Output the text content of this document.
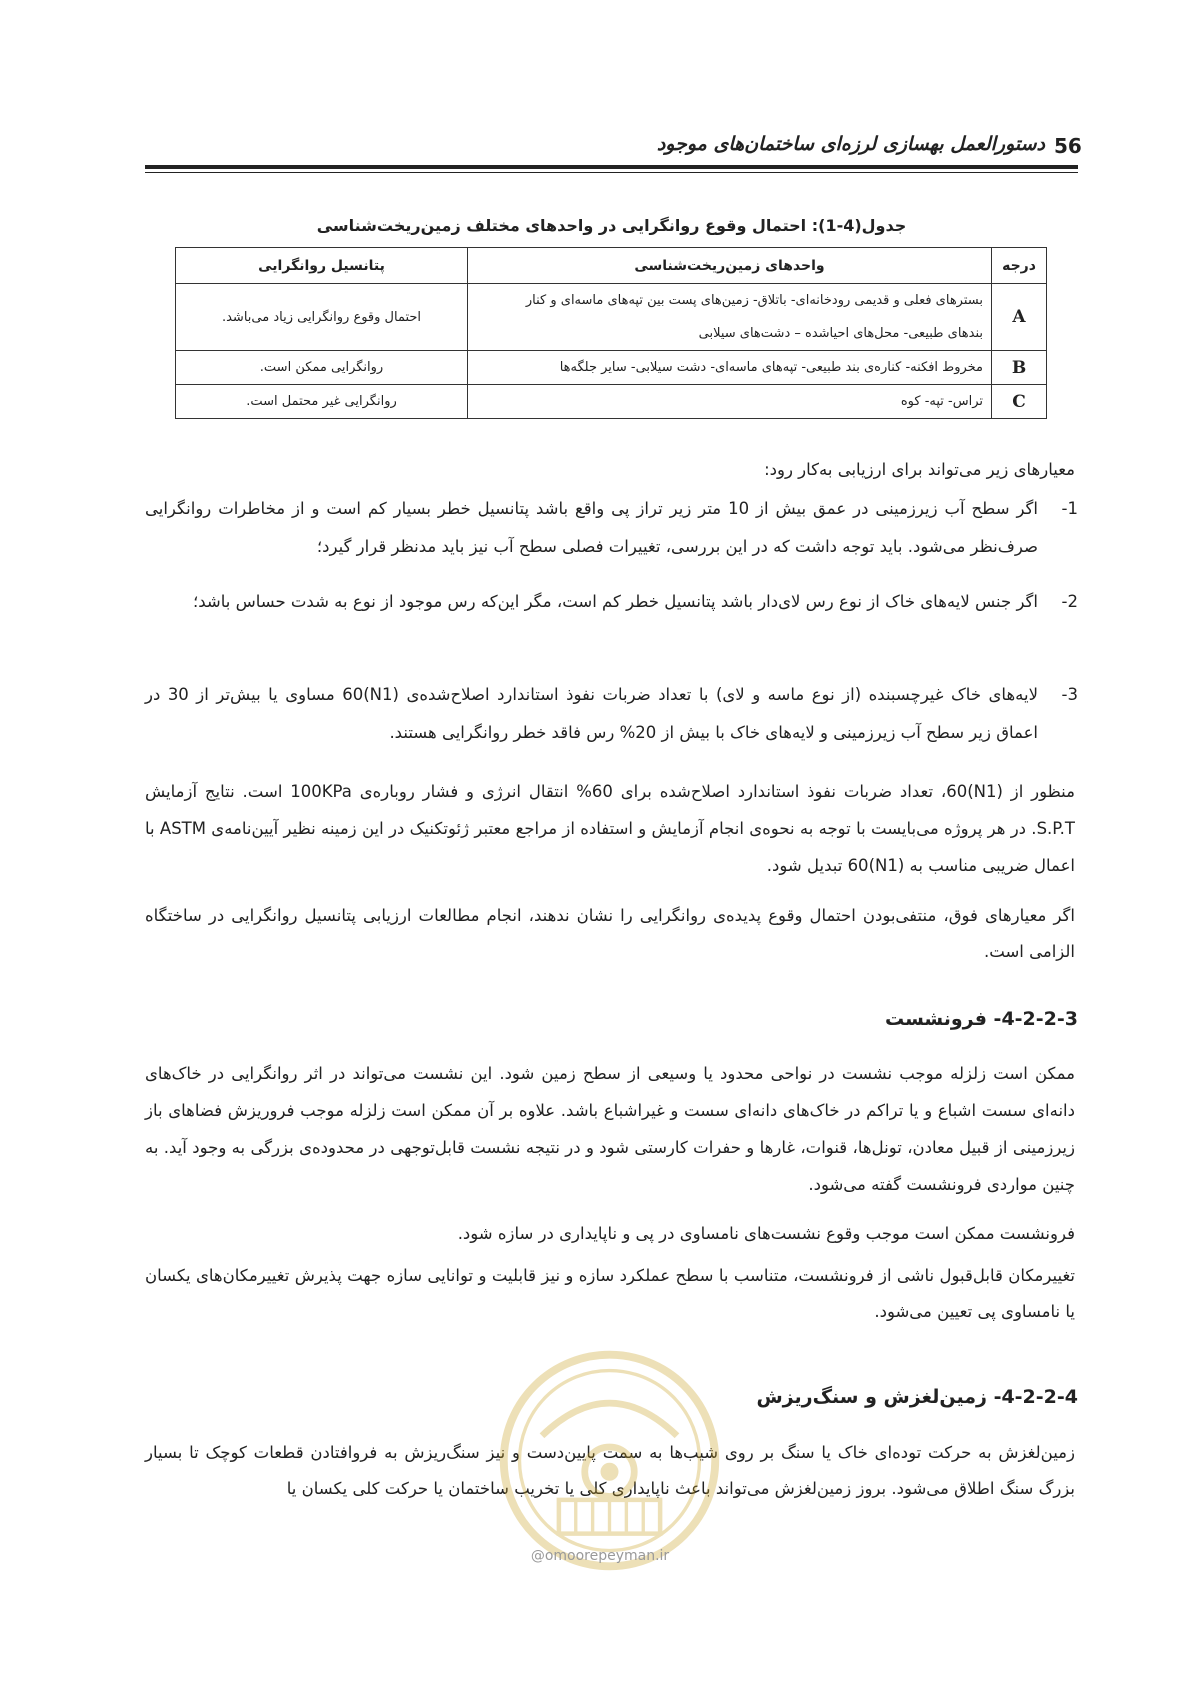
دستورالعمل بهسازی لرزه‌ای ساختمان‌های موجود 56
جدول(4-1): احتمال وقوع روانگرایی در واحدهای مختلف زمین‌ریخت‌شناسی
درجه	واحدهای زمین‌ریخت‌شناسی	پتانسیل روانگرایی
A	بسترهای فعلی و قدیمی رودخانه‌ای- باتلاق- زمین‌های پست بین تپه‌های ماسه‌ای و کنار
بندهای طبیعی- محل‌های احیاشده – دشت‌های سیلابی	احتمال وقوع روانگرایی زیاد می‌باشد.
B	مخروط افکنه- کناره‌ی بند طبیعی- تپه‌های ماسه‌ای- دشت سیلابی- سایر جلگه‌ها	روانگرایی ممکن است.
C	تراس- تپه- کوه	روانگرایی غیر محتمل است.
معیارهای زیر می‌تواند برای ارزیابی به‌کار رود:
1-
اگر سطح آب زیرزمینی در عمق بیش از 10 متر زیر تراز پی واقع باشد پتانسیل خطر بسیار کم است و از مخاطرات روانگرایی صرف‌نظر می‌شود. باید توجه داشت که در این بررسی، تغییرات فصلی سطح آب نیز باید مدنظر قرار گیرد؛
2-
اگر جنس لایه‌های خاک از نوع رس لای‌دار باشد پتانسیل خطر کم است، مگر این‌که رس موجود از نوع به شدت حساس باشد؛
3-
لایه‌های خاک غیرچسبنده (از نوع ماسه و لای) با تعداد ضربات نفوذ استاندارد اصلاح‌شده‌ی (N1)60 مساوی یا بیش‌تر از 30 در اعماق زیر سطح آب زیرزمینی و لایه‌های خاک با بیش از 20% رس فاقد خطر روانگرایی هستند.
منظور از (N1)60، تعداد ضربات نفوذ استاندارد اصلاح‌شده برای 60% انتقال انرژی و فشار روباره‌ی 100KPa است. نتایج آزمایش S.P.T. در هر پروژه می‌بایست با توجه به نحوه‌ی انجام آزمایش و استفاده از مراجع معتبر ژئوتکنیک در این زمینه نظیر آیین‌نامه‌ی ASTM با اعمال ضریبی مناسب به (N1)60 تبدیل شود.
اگر معیارهای فوق، منتفی‌بودن احتمال وقوع پدیده‌ی روانگرایی را نشان ندهند، انجام مطالعات ارزیابی پتانسیل روانگرایی در ساختگاه الزامی است.
4-2-2-3- فرونشست
ممکن است زلزله موجب نشست در نواحی محدود یا وسیعی از سطح زمین شود. این نشست می‌تواند در اثر روانگرایی در خاک‌های دانه‌ای سست اشباع و یا تراکم در خاک‌های دانه‌ای سست و غیراشباع باشد. علاوه بر آن ممکن است زلزله موجب فروریزش فضاهای باز زیرزمینی از قبیل معادن، تونل‌ها، قنوات، غارها و حفرات کارستی شود و در نتیجه نشست قابل‌توجهی در محدوده‌ی بزرگی به وجود آید. به چنین مواردی فرونشست گفته می‌شود.
فرونشست ممکن است موجب وقوع نشست‌های نامساوی در پی و ناپایداری در سازه شود.
تغییرمکان قابل‌قبول ناشی از فرونشست، متناسب با سطح عملکرد سازه و نیز قابلیت و توانایی سازه جهت پذیرش تغییرمکان‌های یکسان یا نامساوی پی تعیین می‌شود.
4-2-2-4- زمین‌لغزش و سنگ‌ریزش
زمین‌لغزش به حرکت توده‌ای خاک یا سنگ بر روی شیب‌ها به سمت پایین‌دست و نیز سنگ‌ریزش به فروافتادن قطعات کوچک تا بسیار بزرگ سنگ اطلاق می‌شود. بروز زمین‌لغزش می‌تواند باعث ناپایداری کلی یا تخریب ساختمان یا حرکت کلی یکسان یا
@omoorepeyman.ir
